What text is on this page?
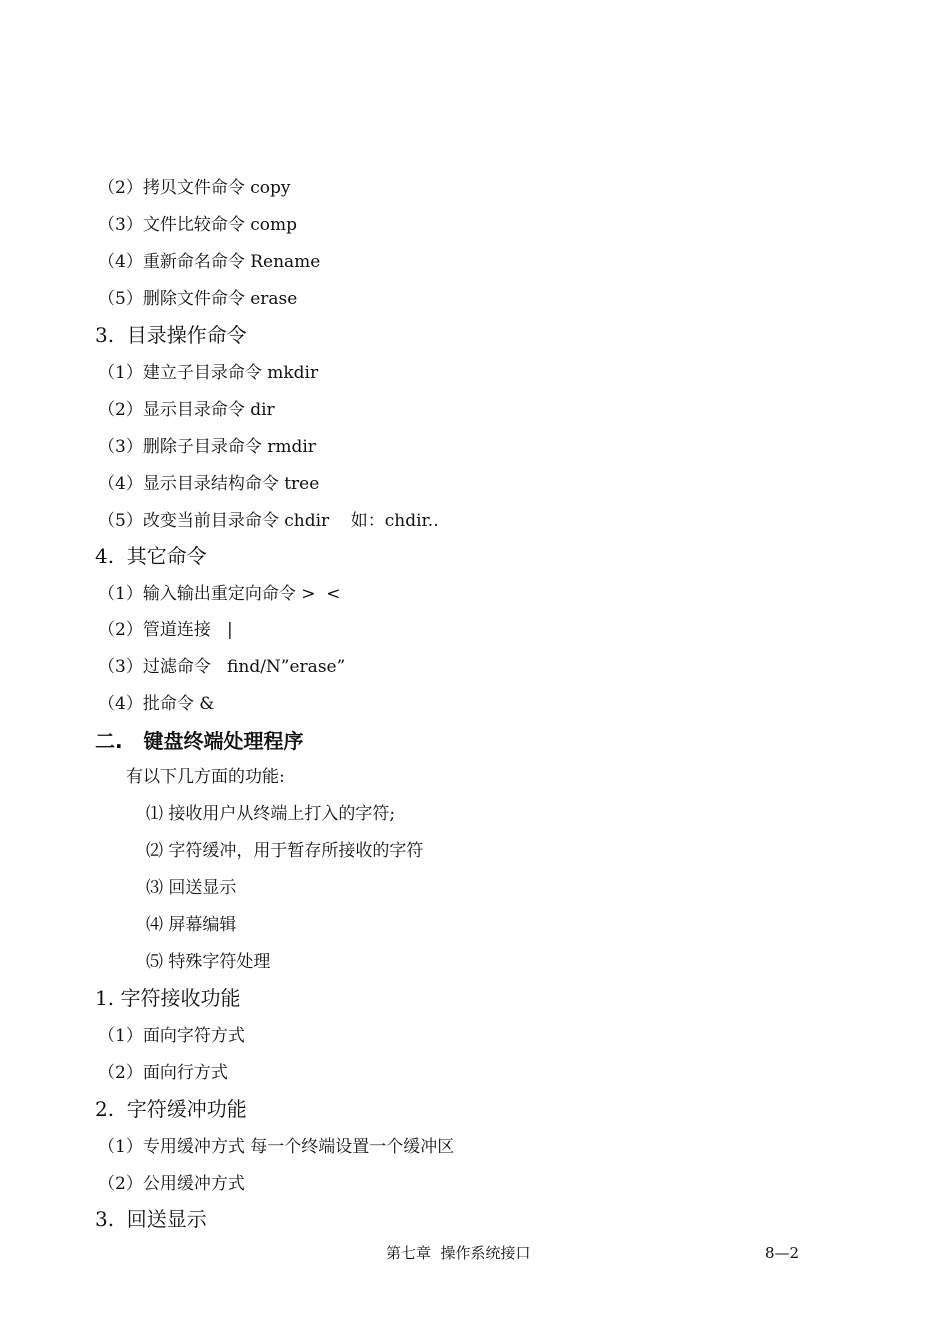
（2）拷贝文件命令 copy
（3）文件比较命令 comp
（4）重新命名命令 Rename
（5）删除文件命令 erase
3.  目录操作命令
（1）建立子目录命令 mkdir
（2）显示目录命令 dir
（3）删除子目录命令 rmdir
（4）显示目录结构命令 tree
（5）改变当前目录命令 chdir    如：chdir..
4.  其它命令
（1）输入输出重定向命令 >  <
（2）管道连接   |
（3）过滤命令   find/N”erase”
（4）批命令 &
二.   键盘终端处理程序
有以下几方面的功能:
⑴ 接收用户从终端上打入的字符;
⑵ 字符缓冲，用于暂存所接收的字符
⑶ 回送显示
⑷ 屏幕编辑
⑸ 特殊字符处理
1. 字符接收功能
（1）面向字符方式
（2）面向行方式
2.  字符缓冲功能
（1）专用缓冲方式 每一个终端设置一个缓冲区
（2）公用缓冲方式
3.  回送显示
第七章  操作系统接口	8—2
